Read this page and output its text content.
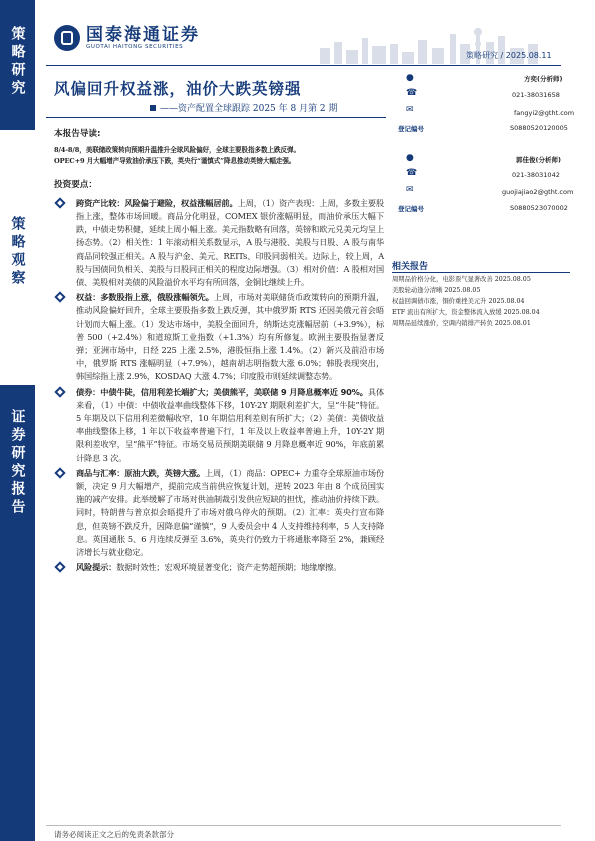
策略研究
策略观察
证券研究报告
国泰海通证券
GUOTAI HAITONG SECURITIES
策略研究 / 2025.08.11
风偏回升权益涨，油价大跌英镑强
——资产配置全球跟踪 2025 年 8 月第 2 期

本报告导读:

8/4-8/8，美联储政策转向预期升温推升全球风险偏好，全球主要股指多数上跌反弹。
OPEC+9 月大幅增产导致油价承压下跌，英央行“谨慎式”降息推动英镑大幅走强。

投资要点：

跨资产比较：风险偏于避险，权益涨幅居前。上周，（1）资产表现：上周，多数主要股指上涨，整体市场回暖。商品分化明显，COMEX 银价涨幅明显，而油价承压大幅下跌，中债走势积健，延续上周小幅上涨。美元指数略有回落，英镑和欧元兑美元均呈上扬态势。（2）相关性：1 年滚动相关系数显示，A 股与港股、美股与日股、A 股与南华商品同较强正相关。A 股与沪金、美元、REITs、印股同弱相关。边际上，较上周，A 股与国债同负相关、美股与日股同正相关的程度边际增强。（3）相对价值：A 股相对国债、美股相对美债的风险溢价水平均有所回落，金铜比继续上升。
权益：多数股指上涨，俄股涨幅领先。上周，市场对美联储货币政策转向的预期升温，推动风险偏好回升，全球主要股指多数上跌反弹，其中俄罗斯 RTS 还因美俄元首会晤计划而大幅上涨。（1）发达市场中，美股全面回升，纳斯达克涨幅居前（+3.9%），标普 500（+2.4%）和道琼斯工业指数（+1.3%）均有所修复。欧洲主要股指显著反弹；亚洲市场中，日经 225 上涨 2.5%，港股恒指上涨 1.4%。（2）新兴及前沿市场中，俄罗斯 RTS 涨幅明显（+7.9%），越南胡志明指数大涨 6.0%；韩股表现突出，韩国综指上涨 2.9%，KOSDAQ 大涨 4.7%；印度股市则延续调整态势。
债券：中债牛陡，信用利差长端扩大；美债熊平，美联储 9 月降息概率近 90%。具体来看，（1）中债：中债收益率曲线整体下移，10Y-2Y 期限利差扩大，呈“牛陡”特征。5 年期及以下信用利差微幅收窄，10 年期信用利差则有所扩大；（2）美债：美债收益率曲线整体上移，1 年以下收益率普遍下行，1 年及以上收益率普遍上升，10Y-2Y 期限利差收窄，呈“熊平”特征。市场交易员预期美联储 9 月降息概率近 90%，年底前累计降息 3 次。
商品与汇率：原油大跌，英镑大涨。上周，（1）商品：OPEC+ 力重夺全球原油市场份额，决定 9 月大幅增产，提前完成当前供应恢复计划，逆转 2023 年由 8 个成员国实施的减产安排。此举缓解了市场对供油制裁引发供应短缺的担忧，推动油价持续下跌。同时，特朗普与普京拟会晤提升了市场对俄乌停火的预期。（2）汇率：英央行宣布降息，但英镑不跌反升，因降息偏“谨慎”，9 人委员会中 4 人支持维持利率，5 人支持降息。英国通胀 5、6 月连续反弹至 3.6%，英央行仍致力于将通胀率降至 2%，兼顾经济增长与就业稳定。
风险提示：数据时效性；宏观环境显著变化；资产走势超预期；地缘摩擦。
●	方奕(分析师)
☎	021-38031658
✉	fangyi2@gtht.com
登记编号	S0880520120005
●	郭佳俊(分析师)
☎	021-38031042
✉	guojiajiao2@gtht.com
登记编号	S0880523070002
相关报告
周期品价格分化，电影票气显著改善 2025.08.05
美股轮动逢分清晰 2025.08.05
权益回调债市涨，铜价重挫美元升 2025.08.04
ETF 流出有所扩大，资金整体流入放缓 2025.08.04
周期品延续涨价，空调内销排产转负 2025.08.01
请务必阅读正文之后的免责条款部分
